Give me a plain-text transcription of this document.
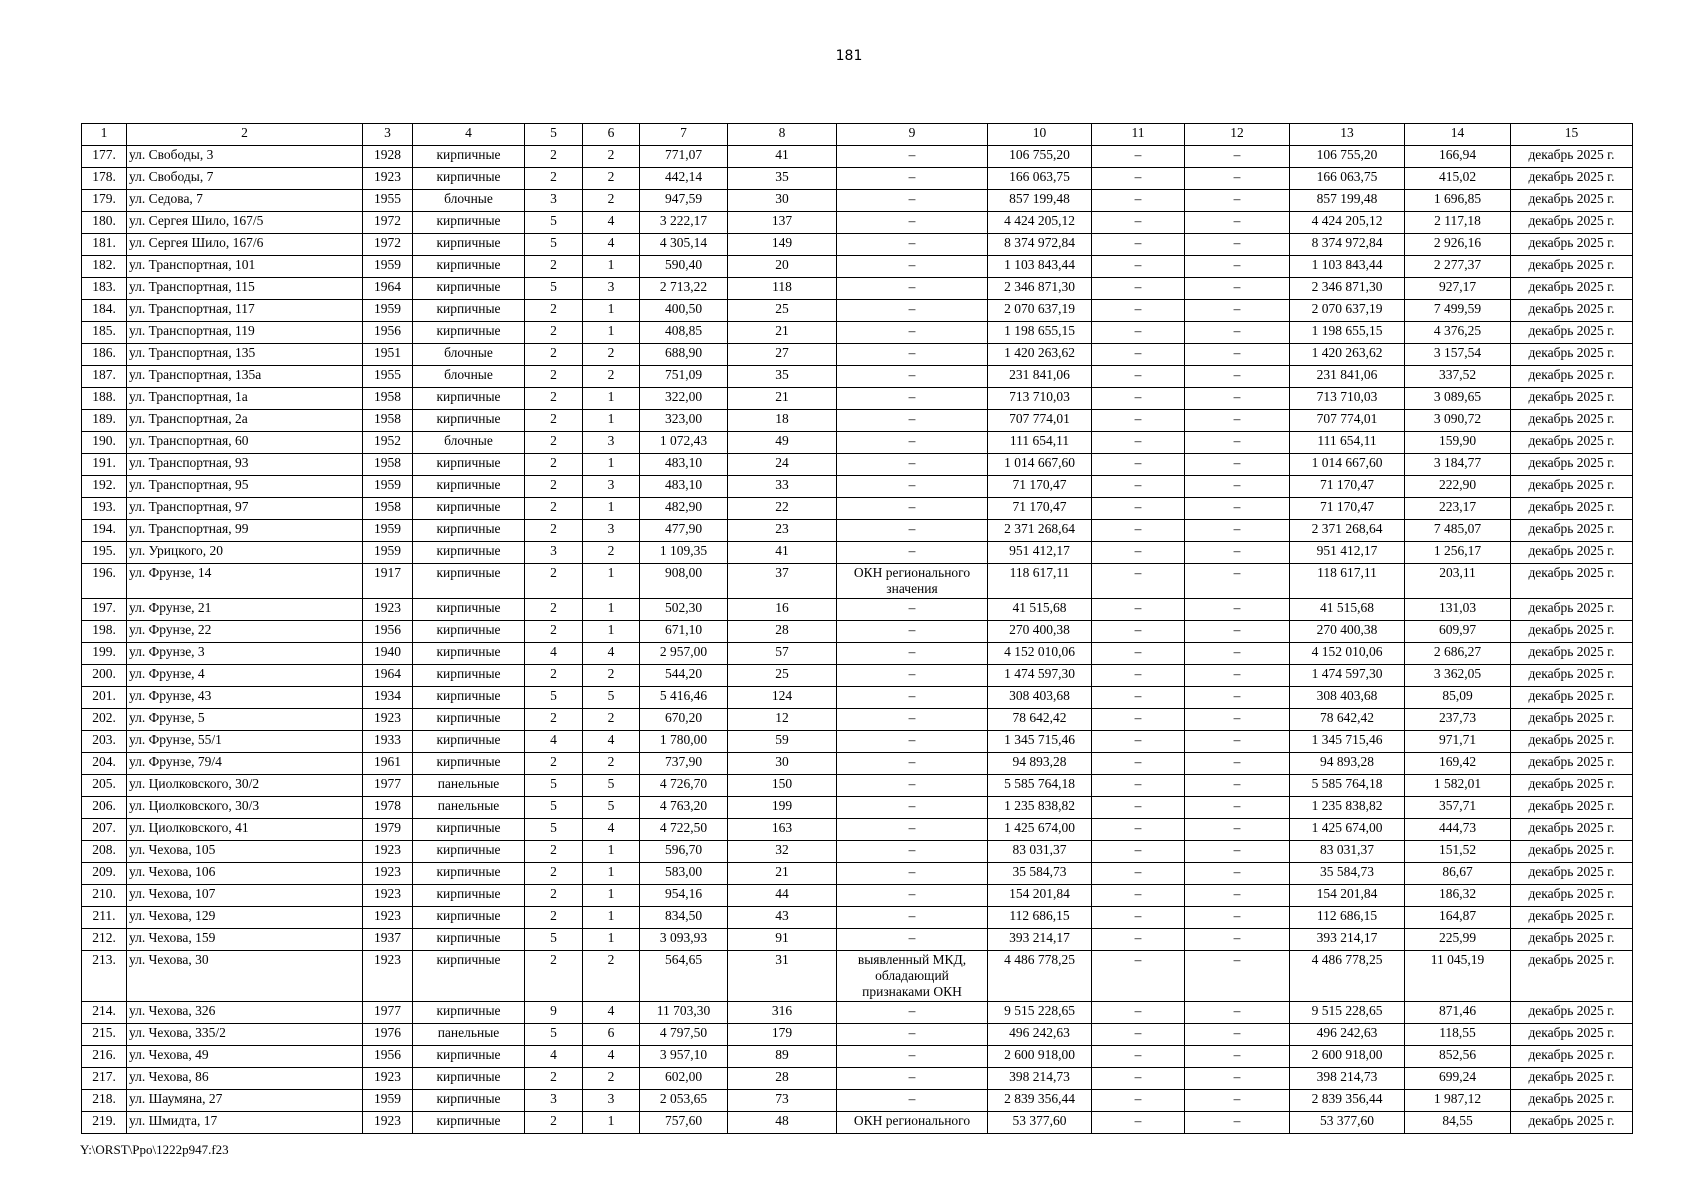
181
1	2	3	4	5	6	7	8	9	10	11	12	13	14	15
177.	ул. Свободы, 3	1928	кирпичные	2	2	771,07	41	–	106 755,20	–	–	106 755,20	166,94	декабрь 2025 г.
178.	ул. Свободы, 7	1923	кирпичные	2	2	442,14	35	–	166 063,75	–	–	166 063,75	415,02	декабрь 2025 г.
179.	ул. Седова, 7	1955	блочные	3	2	947,59	30	–	857 199,48	–	–	857 199,48	1 696,85	декабрь 2025 г.
180.	ул. Сергея Шило, 167/5	1972	кирпичные	5	4	3 222,17	137	–	4 424 205,12	–	–	4 424 205,12	2 117,18	декабрь 2025 г.
181.	ул. Сергея Шило, 167/6	1972	кирпичные	5	4	4 305,14	149	–	8 374 972,84	–	–	8 374 972,84	2 926,16	декабрь 2025 г.
182.	ул. Транспортная, 101	1959	кирпичные	2	1	590,40	20	–	1 103 843,44	–	–	1 103 843,44	2 277,37	декабрь 2025 г.
183.	ул. Транспортная, 115	1964	кирпичные	5	3	2 713,22	118	–	2 346 871,30	–	–	2 346 871,30	927,17	декабрь 2025 г.
184.	ул. Транспортная, 117	1959	кирпичные	2	1	400,50	25	–	2 070 637,19	–	–	2 070 637,19	7 499,59	декабрь 2025 г.
185.	ул. Транспортная, 119	1956	кирпичные	2	1	408,85	21	–	1 198 655,15	–	–	1 198 655,15	4 376,25	декабрь 2025 г.
186.	ул. Транспортная, 135	1951	блочные	2	2	688,90	27	–	1 420 263,62	–	–	1 420 263,62	3 157,54	декабрь 2025 г.
187.	ул. Транспортная, 135а	1955	блочные	2	2	751,09	35	–	231 841,06	–	–	231 841,06	337,52	декабрь 2025 г.
188.	ул. Транспортная, 1а	1958	кирпичные	2	1	322,00	21	–	713 710,03	–	–	713 710,03	3 089,65	декабрь 2025 г.
189.	ул. Транспортная, 2а	1958	кирпичные	2	1	323,00	18	–	707 774,01	–	–	707 774,01	3 090,72	декабрь 2025 г.
190.	ул. Транспортная, 60	1952	блочные	2	3	1 072,43	49	–	111 654,11	–	–	111 654,11	159,90	декабрь 2025 г.
191.	ул. Транспортная, 93	1958	кирпичные	2	1	483,10	24	–	1 014 667,60	–	–	1 014 667,60	3 184,77	декабрь 2025 г.
192.	ул. Транспортная, 95	1959	кирпичные	2	3	483,10	33	–	71 170,47	–	–	71 170,47	222,90	декабрь 2025 г.
193.	ул. Транспортная, 97	1958	кирпичные	2	1	482,90	22	–	71 170,47	–	–	71 170,47	223,17	декабрь 2025 г.
194.	ул. Транспортная, 99	1959	кирпичные	2	3	477,90	23	–	2 371 268,64	–	–	2 371 268,64	7 485,07	декабрь 2025 г.
195.	ул. Урицкого, 20	1959	кирпичные	3	2	1 109,35	41	–	951 412,17	–	–	951 412,17	1 256,17	декабрь 2025 г.
196.	ул. Фрунзе, 14	1917	кирпичные	2	1	908,00	37	ОКН регионального значения	118 617,11	–	–	118 617,11	203,11	декабрь 2025 г.
197.	ул. Фрунзе, 21	1923	кирпичные	2	1	502,30	16	–	41 515,68	–	–	41 515,68	131,03	декабрь 2025 г.
198.	ул. Фрунзе, 22	1956	кирпичные	2	1	671,10	28	–	270 400,38	–	–	270 400,38	609,97	декабрь 2025 г.
199.	ул. Фрунзе, 3	1940	кирпичные	4	4	2 957,00	57	–	4 152 010,06	–	–	4 152 010,06	2 686,27	декабрь 2025 г.
200.	ул. Фрунзе, 4	1964	кирпичные	2	2	544,20	25	–	1 474 597,30	–	–	1 474 597,30	3 362,05	декабрь 2025 г.
201.	ул. Фрунзе, 43	1934	кирпичные	5	5	5 416,46	124	–	308 403,68	–	–	308 403,68	85,09	декабрь 2025 г.
202.	ул. Фрунзе, 5	1923	кирпичные	2	2	670,20	12	–	78 642,42	–	–	78 642,42	237,73	декабрь 2025 г.
203.	ул. Фрунзе, 55/1	1933	кирпичные	4	4	1 780,00	59	–	1 345 715,46	–	–	1 345 715,46	971,71	декабрь 2025 г.
204.	ул. Фрунзе, 79/4	1961	кирпичные	2	2	737,90	30	–	94 893,28	–	–	94 893,28	169,42	декабрь 2025 г.
205.	ул. Циолковского, 30/2	1977	панельные	5	5	4 726,70	150	–	5 585 764,18	–	–	5 585 764,18	1 582,01	декабрь 2025 г.
206.	ул. Циолковского, 30/3	1978	панельные	5	5	4 763,20	199	–	1 235 838,82	–	–	1 235 838,82	357,71	декабрь 2025 г.
207.	ул. Циолковского, 41	1979	кирпичные	5	4	4 722,50	163	–	1 425 674,00	–	–	1 425 674,00	444,73	декабрь 2025 г.
208.	ул. Чехова, 105	1923	кирпичные	2	1	596,70	32	–	83 031,37	–	–	83 031,37	151,52	декабрь 2025 г.
209.	ул. Чехова, 106	1923	кирпичные	2	1	583,00	21	–	35 584,73	–	–	35 584,73	86,67	декабрь 2025 г.
210.	ул. Чехова, 107	1923	кирпичные	2	1	954,16	44	–	154 201,84	–	–	154 201,84	186,32	декабрь 2025 г.
211.	ул. Чехова, 129	1923	кирпичные	2	1	834,50	43	–	112 686,15	–	–	112 686,15	164,87	декабрь 2025 г.
212.	ул. Чехова, 159	1937	кирпичные	5	1	3 093,93	91	–	393 214,17	–	–	393 214,17	225,99	декабрь 2025 г.
213.	ул. Чехова, 30	1923	кирпичные	2	2	564,65	31	выявленный МКД, обладающий признаками ОКН	4 486 778,25	–	–	4 486 778,25	11 045,19	декабрь 2025 г.
214.	ул. Чехова, 326	1977	кирпичные	9	4	11 703,30	316	–	9 515 228,65	–	–	9 515 228,65	871,46	декабрь 2025 г.
215.	ул. Чехова, 335/2	1976	панельные	5	6	4 797,50	179	–	496 242,63	–	–	496 242,63	118,55	декабрь 2025 г.
216.	ул. Чехова, 49	1956	кирпичные	4	4	3 957,10	89	–	2 600 918,00	–	–	2 600 918,00	852,56	декабрь 2025 г.
217.	ул. Чехова, 86	1923	кирпичные	2	2	602,00	28	–	398 214,73	–	–	398 214,73	699,24	декабрь 2025 г.
218.	ул. Шаумяна, 27	1959	кирпичные	3	3	2 053,65	73	–	2 839 356,44	–	–	2 839 356,44	1 987,12	декабрь 2025 г.
219.	ул. Шмидта, 17	1923	кирпичные	2	1	757,60	48	ОКН регионального	53 377,60	–	–	53 377,60	84,55	декабрь 2025 г.
Y:\ORST\Ppo\1222p947.f23
